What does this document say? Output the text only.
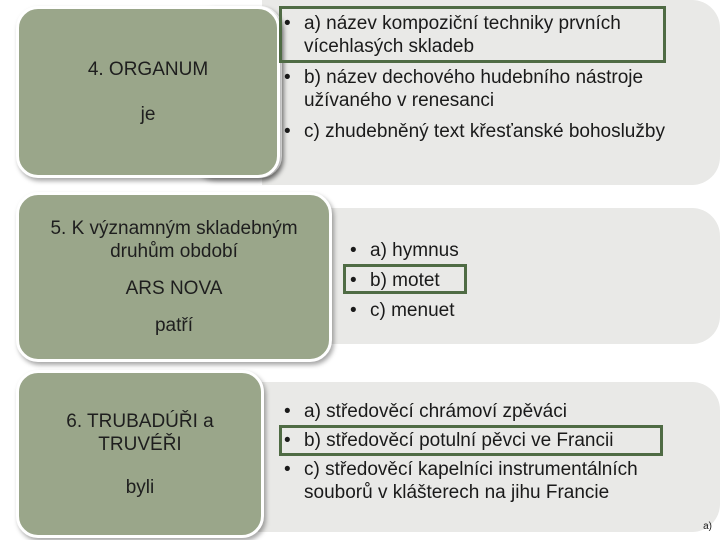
4. ORGANUM
je
• a) název kompoziční techniky prvních vícehlasých skladeb
• b) název dechového hudebního nástroje užívaného v renesanci
• c) zhudebněný text křesťanské bohoslužby
5. K významným skladebným druhům období
ARS NOVA
patří
• a) hymnus
• b) motet
• c) menuet
6. TRUBADÚŘI a TRUVÉŘI
byli
• a) středověcí chrámoví zpěváci
• b) středověcí potulní pěvci ve Francii
• c) středověcí kapelníci instrumentálních souborů v klášterech na jihu Francie
a)
